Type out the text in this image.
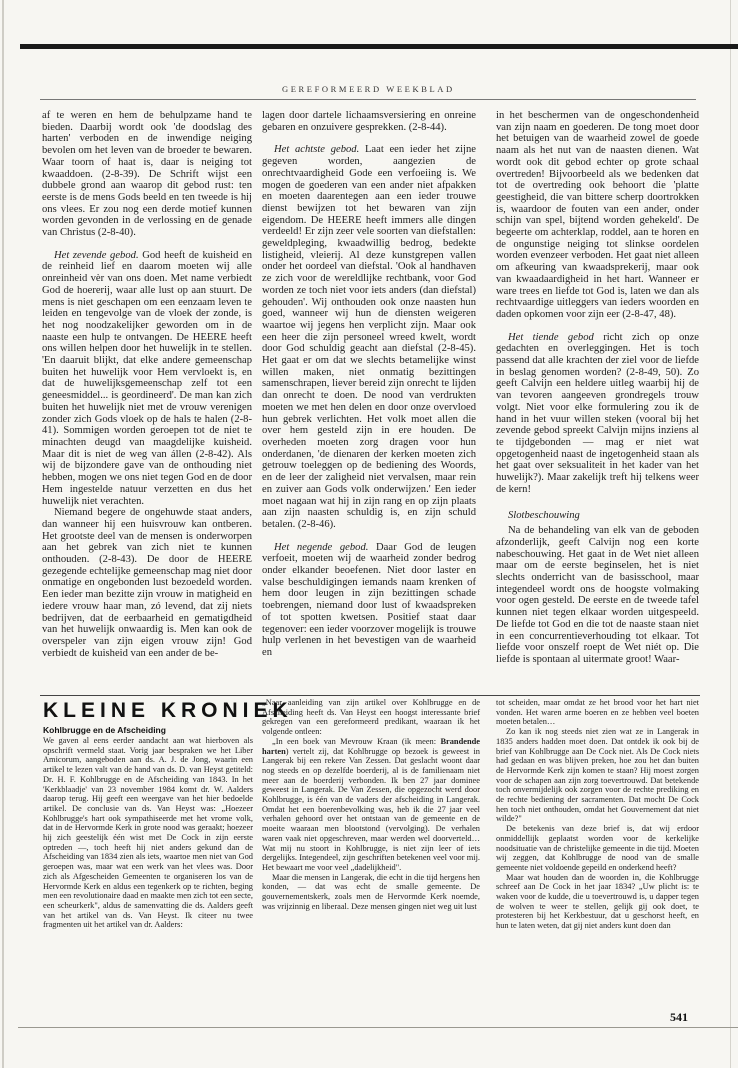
GEREFORMEERD WEEKBLAD

af te weren en hem de behulpzame hand te bieden. Daarbij wordt ook 'de doodslag des harten' verboden en de inwendige neiging bevolen om het leven van de broeder te bewaren. Waar toorn of haat is, daar is neiging tot kwaaddoen. (2-8-39). De Schrift wijst een dubbele grond aan waarop dit gebod rust: ten eerste is de mens Gods beeld en ten tweede is hij ons vlees. Er zou nog een derde motief kunnen worden gevonden in de verlossing en de genade van Christus (2-8-40).

Het zevende gebod. God heeft de kuisheid en de reinheid lief en daarom moeten wij alle onreinheid vèr van ons doen. Met name verbiedt God de hoererij, waar alle lust op aan stuurt. De mens is niet geschapen om een eenzaam leven te leiden en tengevolge van de vloek der zonde, is het nog noodzakelijker geworden om in de naaste een hulp te ontvangen. De HEERE heeft ons willen helpen door het huwelijk in te stellen. 'En daaruit blijkt, dat elke andere gemeenschap buiten het huwelijk voor Hem vervloekt is, en dat de huwelijksgemeenschap zelf tot een geneesmiddel... is geordineerd'. De man kan zich buiten het huwelijk niet met de vrouw verenigen zonder zich Gods vloek op de hals te halen (2-8-41). Sommigen worden geroepen tot de niet te minachten deugd van maagdelijke kuisheid. Maar dit is niet de weg van állen (2-8-42). Als wij de bijzondere gave van de onthouding niet hebben, mogen we ons niet tegen God en de door Hem ingestelde natuur verzetten en dus het huwelijk niet verachten.

Niemand begere de ongehuwde staat anders, dan wanneer hij een huisvrouw kan ontberen. Het grootste deel van de mensen is onderworpen aan het gebrek van zich niet te kunnen onthouden. (2-8-43). De door de HEERE gezegende echtelijke gemeenschap mag niet door onmatige en ongebonden lust bezoedeld worden. Een ieder man bezitte zijn vrouw in matigheid en iedere vrouw haar man, zó levend, dat zij niets bedrijven, dat de eerbaarheid en gematigdheid van het huwelijk onwaardig is. Men kan ook de overspeler van zijn eigen vrouw zijn! God verbiedt de kuisheid van een ander de be-

lagen door dartele lichaamsversiering en onreine gebaren en onzuivere gesprekken. (2-8-44).

Het achtste gebod. Laat een ieder het zijne gegeven worden, aangezien de onrechtvaardigheid Gode een verfoeiing is. We mogen de goederen van een ander niet afpakken en moeten daarentegen aan een ieder trouwe dienst bewijzen tot het bewaren van zijn eigendom. De HEERE heeft immers alle dingen verdeeld! Er zijn zeer vele soorten van diefstallen: geweldpleging, kwaadwillig bedrog, bedekte listigheid, vleierij. Al deze kunstgrepen vallen onder het oordeel van diefstal. 'Ook al handhaven ze zich voor de wereldlijke rechtbank, voor God worden ze toch niet voor iets anders (dan diefstal) gehouden'. Wij onthouden ook onze naasten hun goed, wanneer wij hun de diensten weigeren waartoe wij jegens hen verplicht zijn. Maar ook een heer die zijn personeel wreed kwelt, wordt door God schuldig geacht aan diefstal (2-8-45). Het gaat er om dat we slechts betamelijke winst willen maken, niet onmatig bezittingen samenschrapen, liever bereid zijn onrecht te lijden dan onrecht te doen. De nood van verdrukten moeten we met hen delen en door onze overvloed hun gebrek verlichten. Het volk moet allen die over hem gesteld zijn in ere houden. De overheden moeten zorg dragen voor hun onderdanen, 'de dienaren der kerken moeten zich getrouw toeleggen op de bediening des Woords, en de leer der zaligheid niet vervalsen, maar rein en zuiver aan Gods volk onderwijzen.' Een ieder moet nagaan wat hij in zijn rang en op zijn plaats aan zijn naasten schuldig is, en zijn schuld betalen. (2-8-46).

Het negende gebod. Daar God de leugen verfoeit, moeten wij de waarheid zonder bedrog onder elkander beoefenen. Niet door laster en valse beschuldigingen iemands naam krenken of hem door leugen in zijn bezittingen schade toebrengen, niemand door lust of kwaadspreken of tot spotten kwetsen. Positief staat daar tegenover: een ieder voorzover mogelijk is trouwe hulp verlenen in het bevestigen van de waarheid en

in het beschermen van de ongeschondenheid van zijn naam en goederen. De tong moet door het betuigen van de waarheid zowel de goede naam als het nut van de naasten dienen. Wat wordt ook dit gebod echter op grote schaal overtreden! Bijvoorbeeld als we bedenken dat tot de overtreding ook behoort die 'platte geestigheid, die van bittere scherp doortrokken is, waardoor de fouten van een ander, onder schijn van spel, bijtend worden gehekeld'. De begeerte om achterklap, roddel, aan te horen en de ongunstige neiging tot slinkse oordelen worden evenzeer verboden. Het gaat niet alleen om afkeuring van kwaadsprekerij, maar ook van kwaadaardigheid in het hart. Wanneer er ware trees en liefde tot God is, laten we dan als rechtvaardige uitleggers van ieders woorden en daden opkomen voor zijn eer (2-8-47, 48).

Het tiende gebod richt zich op onze gedachten en overleggingen. Het is toch passend dat alle krachten der ziel voor de liefde in beslag genomen worden? (2-8-49, 50). Zo geeft Calvijn een heldere uitleg waarbij hij de van tevoren aangeeven grondregels trouw volgt. Niet voor elke formulering zou ik de hand in het vuur willen steken (vooral bij het zevende gebod spreekt Calvijn mijns inziens al te tijdgebonden — mag er niet wat opgetogenheid naast de ingetogenheid staan als het gaat over seksualiteit in het kader van het huwelijk?). Maar zakelijk treft hij telkens weer de kern!

Slotbeschouwing

Na de behandeling van elk van de geboden afzonderlijk, geeft Calvijn nog een korte nabeschouwing. Het gaat in de Wet niet alleen maar om de eerste beginselen, het is niet slechts onderricht van de basisschool, maar integendeel wordt ons de hoogste volmaking voor ogen gesteld. De eerste en de tweede tafel kunnen niet tegen elkaar worden uitgespeeld. De liefde tot God en die tot de naaste staan niet in een concurrentieverhouding tot elkaar. Tot liefde voor onszelf roept de Wet niét op. Die liefde is spontaan al uitermate groot! Waar-

KLEINE KRONIEK
Kohlbrugge en de Afscheiding

We gaven al eens eerder aandacht aan wat hierboven als opschrift vermeld staat. Vorig jaar bespraken we het Liber Amicorum, aangeboden aan ds. A. J. de Jong, waarin een artikel te lezen valt van de hand van ds. D. van Heyst getiteld: Dr. H. F. Kohlbrugge en de Afscheiding van 1843. In het 'Kerkblaadje' van 23 november 1984 komt dr. W. Aalders daarop terug. Hij geeft een weergave van het hier bedoelde artikel. De conclusie van ds. Van Heyst was: „Hoezeer Kohlbrugge's hart ook sympathiseerde met het vrome volk, dat in de Hervormde Kerk in grote nood was geraakt; hoezeer hij zich geestelijk één wist met De Cock in zijn eerste optreden —, toch heeft hij niet anders gekund dan de Afscheiding van 1834 zien als iets, waartoe men niet van God geroepen was, maar wat een werk van het vlees was. Door zich als Afgescheiden Gemeenten te organiseren los van de Hervormde Kerk en aldus een tegenkerk op te richten, beging men een revolutionaire daad en maakte men zich tot een secte, een scheurkerk", aldus de samenvatting die ds. Aalders geeft van het artikel van ds. Van Heyst. Ik citeer nu twee fragmenten uit het artikel van dr. Aalders:

„Naar aanleiding van zijn artikel over Kohlbrugge en de Afscheiding heeft ds. Van Heyst een hoogst interessante brief gekregen van een gereformeerd predikant, waaraan ik het volgende ontleen:

„In een boek van Mevrouw Kraan (ik meen: Brandende harten) vertelt zij, dat Kohlbrugge op bezoek is geweest in Langerak bij een rekere Van Zessen. Dat geslacht woont daar nog steeds en op dezelfde boerderij, al is de familienaam niet meer aan de boerderij verbonden. Ik ben 27 jaar dominee geweest in Langerak. De Van Zessen, die opgezocht werd door Kohlbrugge, is één van de vaders der afscheiding in Langerak. Omdat het een boerenbevolking was, heb ik die 27 jaar veel verhalen gehoord over het ontstaan van de gemeente en de moeite waaraan men blootstond (vervolging). De verhalen waren vaak niet opgeschreven, maar werden wel doorverteld… Wat mij nu stoort in Kohlbrugge, is niet zijn leer of iets dergelijks. Integendeel, zijn geschriften betekenen veel voor mij. Het bewaart me voor veel „dadelijkheid".

Maar die mensen in Langerak, die echt in die tijd hergens hen konden, — dat was echt de smalle gemeente. De gouvernementskerk, zoals men de Hervormde Kerk noemde, was vrijzinnig en liberaal. Deze mensen gingen niet weg uit lust

tot scheiden, maar omdat ze het brood voor het hart niet vonden. Het waren arme boeren en ze hebben veel boeten moeten betalen…

Zo kan ik nog steeds niet zien wat ze in Langerak in 1835 anders hadden moet doen. Dat ontdek ik ook bij de brief van Kohlbrugge aan De Cock niet. Als De Cock niets had gedaan en was blijven preken, hoe zou het dan buiten de Hervormde Kerk zijn komen te staan? Hij moest zorgen voor de schapen aan zijn zorg toevertrouwd. Dat betekende toch onvermijdelijk ook zorgen voor de rechte prediking en de rechte bediening der sacramenten. Dat mocht De Cock hen toch niet onthouden, omdat het Gouvernement dat niet wilde?"

De betekenis van deze brief is, dat wij erdoor onmiddellijk geplaatst worden voor de kerkelijke noodsituatie van de christelijke gemeente in die tijd. Moeten wij zeggen, dat Kohlbrugge de nood van de smalle gemeente niet voldoende gepeild en onderkend heeft?

Maar wat houden dan de woorden in, die Kohlbrugge schreef aan De Cock in het jaar 1834? „Uw plicht is: te waken voor de kudde, die u toevertrouwd is, u dapper tegen de wolven te weer te stellen, gelijk gij ook doet, te protesteren bij het Kerkbestuur, dat u geschorst heeft, en hun te laten weten, dat gij niet anders kunt doen dan

541
